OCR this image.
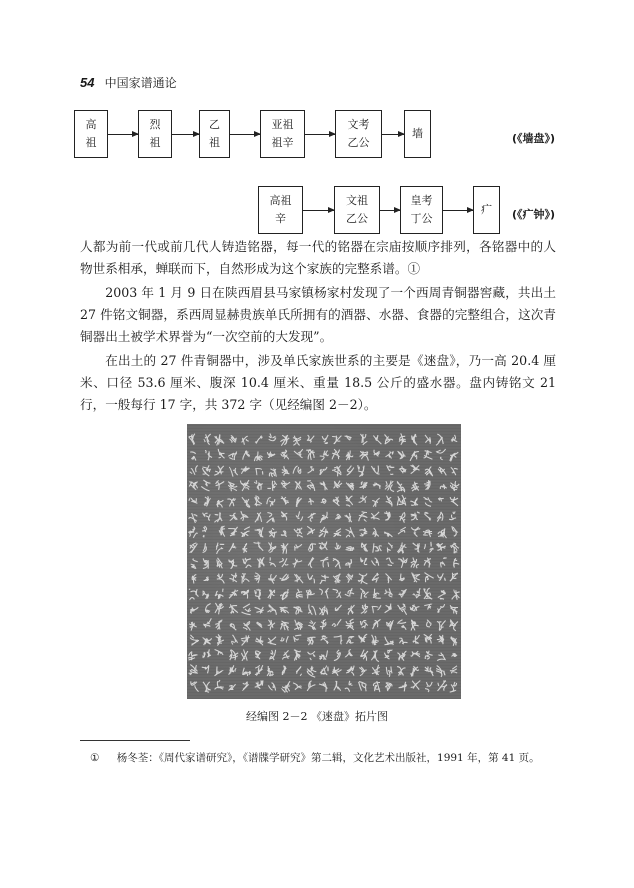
54 中国家谱通论
高
祖
烈
祖
乙
祖
亚祖
祖辛
文考
乙公
墙	(《墙盘》)
高祖
辛
文祖
乙公
皇考
丁公
疒 (《疒钟》)

人都为前一代或前几代人铸造铭器，每一代的铭器在宗庙按顺序排列，各铭器中的人物世系相承，蝉联而下，自然形成为这个家族的完整系谱。①

2003 年 1 月 9 日在陕西眉县马家镇杨家村发现了一个西周青铜器窖藏，共出土 27 件铭文铜器，系西周显赫贵族单氏所拥有的酒器、水器、食器的完整组合，这次青铜器出土被学术界誉为“一次空前的大发现”。

在出土的 27 件青铜器中，涉及单氏家族世系的主要是《逨盘》，乃一高 20.4 厘米、口径 53.6 厘米、腹深 10.4 厘米、重量 18.5 公斤的盛水器。盘内铸铭文 21 行，一般每行 17 字，共 372 字（见经编图 2－2）。

经编图 2－2 《逨盘》拓片图
① 杨冬荃：《周代家谱研究》，《谱牒学研究》第二辑，文化艺术出版社，1991 年，第 41 页。
